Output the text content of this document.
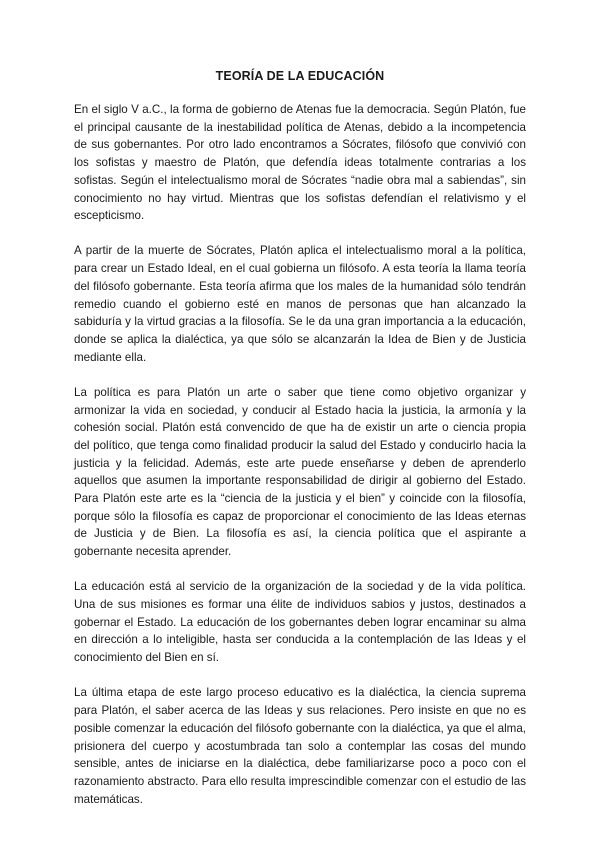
TEORÍA DE LA EDUCACIÓN

En el siglo V a.C., la forma de gobierno de Atenas fue la democracia. Según Platón, fue el principal causante de la inestabilidad política de Atenas, debido a la incompetencia de sus gobernantes. Por otro lado encontramos a Sócrates, filósofo que convivió con los sofistas y maestro de Platón, que defendía ideas totalmente contrarias a los sofistas. Según el intelectualismo moral de Sócrates “nadie obra mal a sabiendas”, sin conocimiento no hay virtud. Mientras que los sofistas defendían el relativismo y el escepticismo.

A partir de la muerte de Sócrates, Platón aplica el intelectualismo moral a la política, para crear un Estado Ideal, en el cual gobierna un filósofo. A esta teoría la llama teoría del filósofo gobernante. Esta teoría afirma que los males de la humanidad sólo tendrán remedio cuando el gobierno esté en manos de personas que han alcanzado la sabiduría y la virtud gracias a la filosofía. Se le da una gran importancia a la educación, donde se aplica la dialéctica, ya que sólo se alcanzarán la Idea de Bien y de Justicia mediante ella.

La política es para Platón un arte o saber que tiene como objetivo organizar y armonizar la vida en sociedad, y conducir al Estado hacia la justicia, la armonía y la cohesión social. Platón está convencido de que ha de existir un arte o ciencia propia del político, que tenga como finalidad producir la salud del Estado y conducirlo hacia la justicia y la felicidad. Además, este arte puede enseñarse y deben de aprenderlo aquellos que asumen la importante responsabilidad de dirigir al gobierno del Estado. Para Platón este arte es la “ciencia de la justicia y el bien” y coincide con la filosofía, porque sólo la filosofía es capaz de proporcionar el conocimiento de las Ideas eternas de Justicia y de Bien. La filosofía es así, la ciencia política que el aspirante a gobernante necesita aprender.

La educación está al servicio de la organización de la sociedad y de la vida política. Una de sus misiones es formar una élite de individuos sabios y justos, destinados a gobernar el Estado. La educación de los gobernantes deben lograr encaminar su alma en dirección a lo inteligible, hasta ser conducida a la contemplación de las Ideas y el conocimiento del Bien en sí.

La última etapa de este largo proceso educativo es la dialéctica, la ciencia suprema para Platón, el saber acerca de las Ideas y sus relaciones. Pero insiste en que no es posible comenzar la educación del filósofo gobernante con la dialéctica, ya que el alma, prisionera del cuerpo y acostumbrada tan solo a contemplar las cosas del mundo sensible, antes de iniciarse en la dialéctica, debe familiarizarse poco a poco con el razonamiento abstracto. Para ello resulta imprescindible comenzar con el estudio de las matemáticas.
